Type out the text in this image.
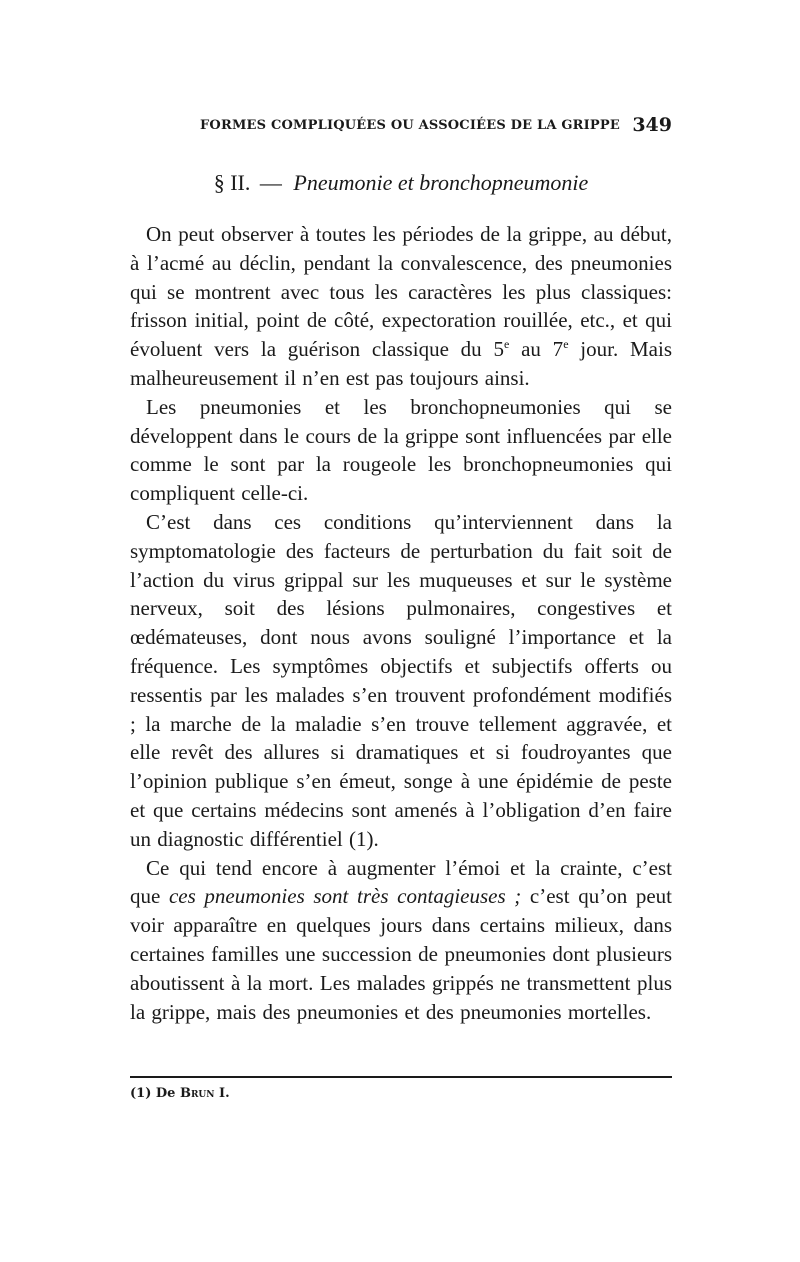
FORMES COMPLIQUÉES OU ASSOCIÉES DE LA GRIPPE 349
§ II. — Pneumonie et bronchopneumonie

On peut observer à toutes les périodes de la grippe, au début, à l’acmé au déclin, pendant la convalescence, des pneumonies qui se montrent avec tous les caractères les plus classiques: frisson initial, point de côté, expectoration rouillée, etc., et qui évoluent vers la guérison classique du 5e au 7e jour. Mais malheureusement il n’en est pas toujours ainsi.

Les pneumonies et les bronchopneumonies qui se développent dans le cours de la grippe sont influencées par elle comme le sont par la rougeole les bronchopneumonies qui compliquent celle-ci.

C’est dans ces conditions qu’interviennent dans la symptomatologie des facteurs de perturbation du fait soit de l’action du virus grippal sur les muqueuses et sur le système nerveux, soit des lésions pulmonaires, congestives et œdémateuses, dont nous avons souligné l’importance et la fréquence. Les symptômes objectifs et subjectifs offerts ou ressentis par les malades s’en trouvent profondément modifiés ; la marche de la maladie s’en trouve tellement aggravée, et elle revêt des allures si dramatiques et si foudroyantes que l’opinion publique s’en émeut, songe à une épidémie de peste et que certains médecins sont amenés à l’obligation d’en faire un diagnostic différentiel (1).

Ce qui tend encore à augmenter l’émoi et la crainte, c’est que ces pneumonies sont très contagieuses ; c’est qu’on peut voir apparaître en quelques jours dans certains milieux, dans certaines familles une succession de pneumonies dont plusieurs aboutissent à la mort. Les malades grippés ne transmettent plus la grippe, mais des pneumonies et des pneumonies mortelles.

(1) De Brun I.
